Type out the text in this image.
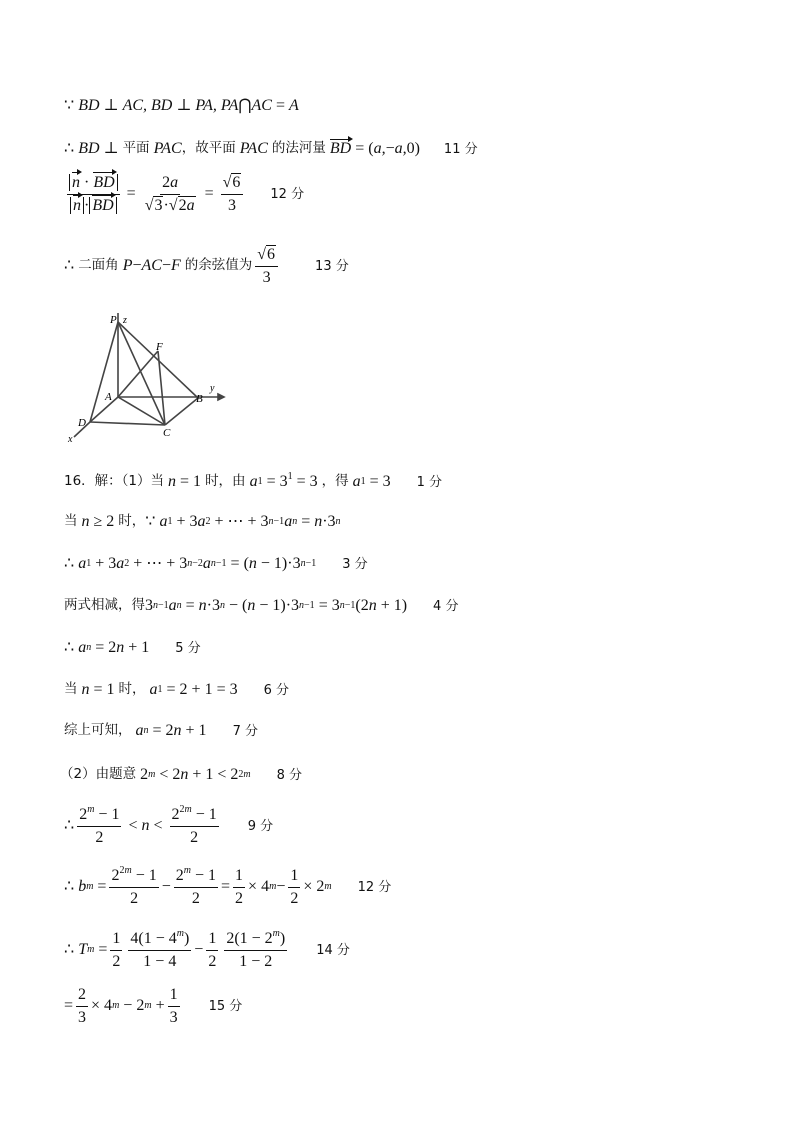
∵ BD ⊥ AC, BD ⊥ PA, PA ⋂ AC = A
∴ BD ⊥
平面 PAC ，故平面 PAC 的法河量
BD = ( a, − a, 0) 11 分
$\frac{n \cdot BD}{n \cdot BD} = \frac{2a}{√3\cdot√2a} = \frac{√6}{3} 12$ 分
∴
二面角 P − AC − F 的余弦值为 $\frac{√6}{3}$	13 分
P z
F
A	B
y
D
C
x
16．解：（1）当 n = 1
时，由 a $1 = 3^1 = 3$
，得 a 1 = 3 1 分
当 n ≥ 2
时， ∵ a 1 + 3 a 2 + ⋯ + 3 n−1 a n = n ·3 n
∴ a 1 + 3 a 2 + ⋯ + 3 n−2 a n−1 = ( n − 1)·3 n−1 3 分
两式相减，得 3 n−1 a n = n ·3 n − ( n − 1)·3 n−1 = 3 n−1 (2 n + 1) 4 分
∴ a n = 2 n + 1 5 分
当 n = 1
时， a 1 = 2 + 1 = 3 6 分
综上可知， a n = 2 n + 1 7 分
（2）由题意
2 m < 2 n + 1 < 2 2m 8 分
∴ $\frac{2^m - 1}{2} < n < \frac{2^{2m} - 1}{2} 9$ 分
∴ b $m = \frac{2^{2m} - 1}{2} - \frac{2^m - 1}{2} = \frac{1}{2} \times 4$ $m - \frac{1}{2} \times 2$ m 12 分
∴ T $m = \frac{1}{2} \frac{4(1 - 4^m)}{1 - 4} - \frac{1}{2} \frac{2(1 - 2^m)}{1 - 2} 14$ 分
= $\frac{2}{3} \times 4$ m − 2 $m + \frac{1}{3} 15$ 分
